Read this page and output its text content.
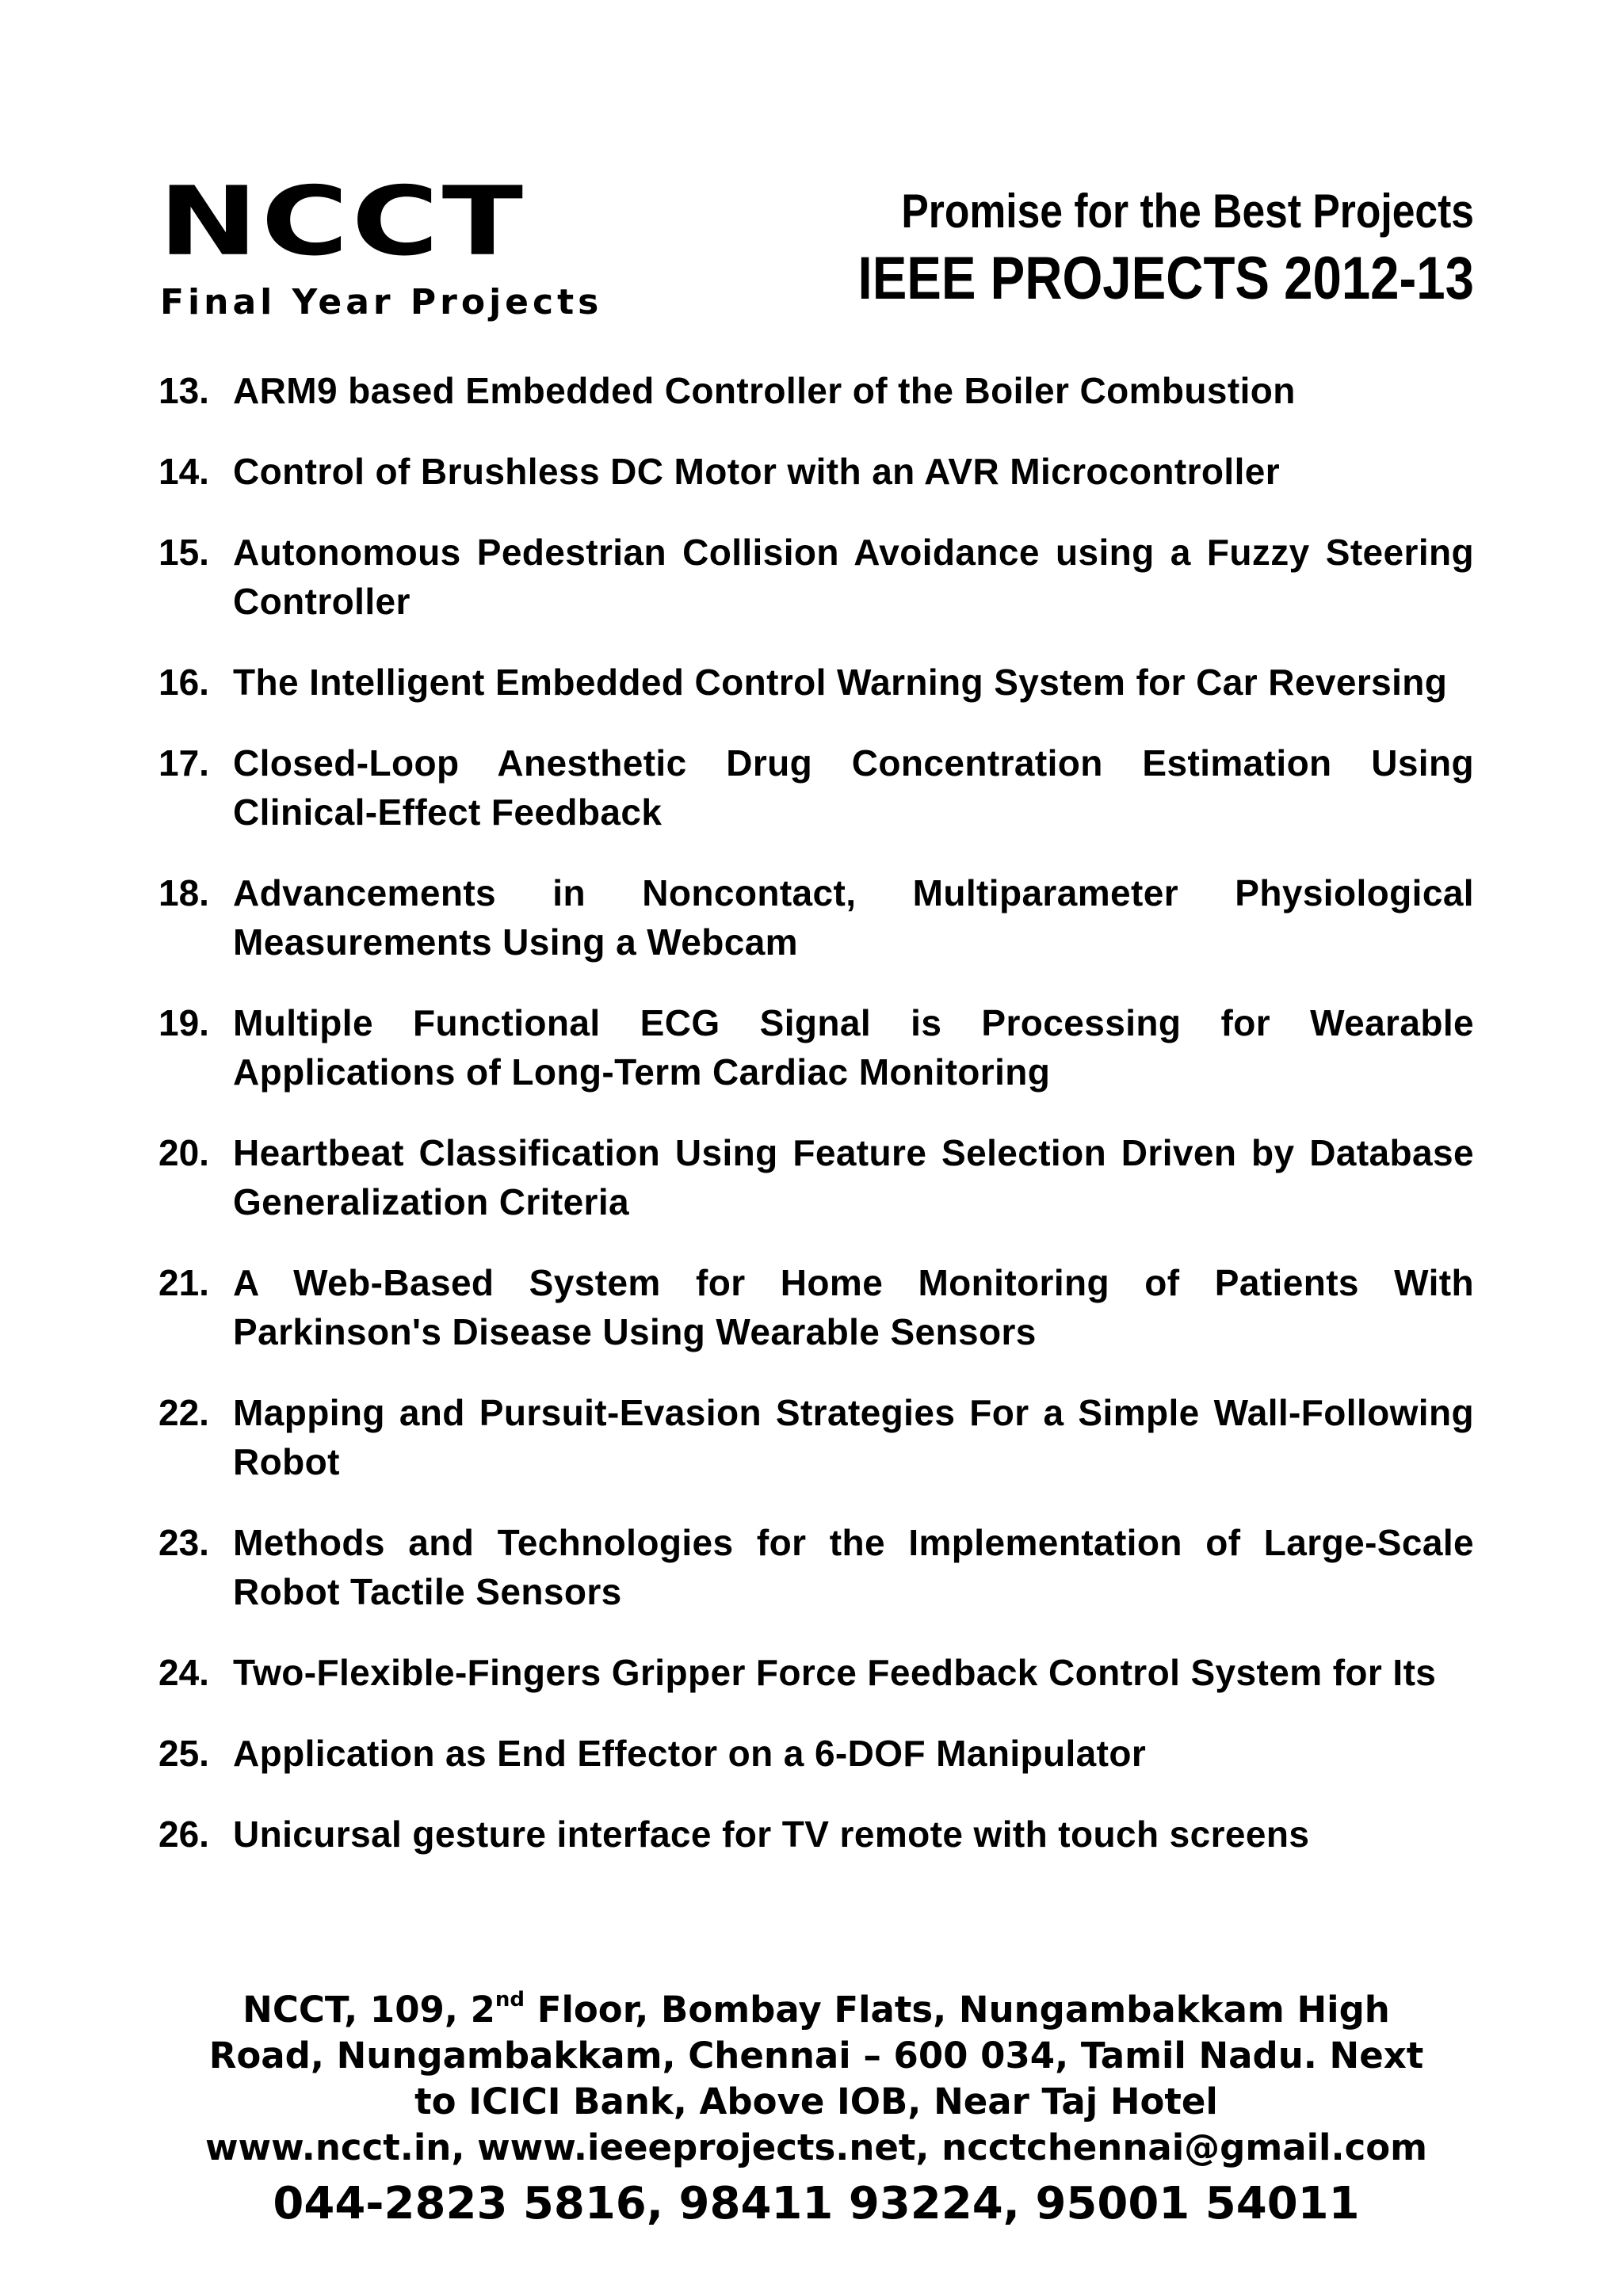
NCCT
Final Year Projects
Promise for the Best Projects
IEEE PROJECTS 2012-13
13. ARM9 based Embedded Controller of the Boiler Combustion
14. Control of Brushless DC Motor with an AVR Microcontroller
15. Autonomous Pedestrian Collision Avoidance using a Fuzzy Steering Controller
16. The Intelligent Embedded Control Warning System for Car Reversing
17. Closed-Loop Anesthetic Drug Concentration Estimation Using Clinical-Effect Feedback
18. Advancements in Noncontact, Multiparameter Physiological Measurements Using a Webcam
19. Multiple Functional ECG Signal is Processing for Wearable Applications of Long-Term Cardiac Monitoring
20. Heartbeat Classification Using Feature Selection Driven by Database Generalization Criteria
21. A Web-Based System for Home Monitoring of Patients With Parkinson's Disease Using Wearable Sensors
22. Mapping and Pursuit-Evasion Strategies For a Simple Wall-Following Robot
23. Methods and Technologies for the Implementation of Large-Scale Robot Tactile Sensors
24. Two-Flexible-Fingers Gripper Force Feedback Control System for Its
25. Application as End Effector on a 6-DOF Manipulator
26. Unicursal gesture interface for TV remote with touch screens
NCCT, 109, 2nd Floor, Bombay Flats, Nungambakkam High
Road, Nungambakkam, Chennai – 600 034, Tamil Nadu. Next
to ICICI Bank, Above IOB, Near Taj Hotel
www.ncct.in, www.ieeeprojects.net, ncctchennai@gmail.com
044-2823 5816, 98411 93224, 95001 54011
